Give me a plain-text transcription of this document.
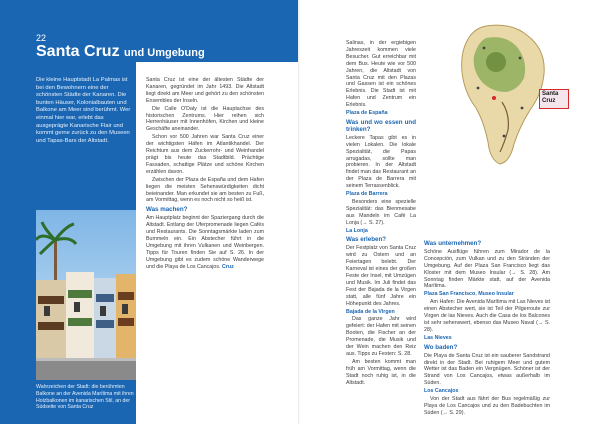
22
Santa Cruz und Umgebung
Die kleine Hauptstadt La Palmas ist bei den Bewohnern eine der schönsten Städte der Kanaren. Die bunten Häuser, Kolonialbauten und Balkone am Meer sind berühmt. Wer einmal hier war, erlebt das ausgeprägte Kanarische Flair und kommt gerne zurück zu den Museen und Tapas-Bars der Altstadt.
Wahrzeichen der Stadt: die berühmten Balkone an der Avenida Marítima mit ihren Holzbalkonen im kanarischen Stil, an der Südseite von Santa Cruz

Santa Cruz ist eine der ältesten Städte der Kanaren, gegründet im Jahr 1493. Die Altstadt liegt direkt am Meer und gehört zu den schönsten Ensembles der Inseln.

Die Calle O'Daly ist die Hauptachse des historischen Zentrums. Hier reihen sich Herrenhäuser mit Innenhöfen, Kirchen und kleine Geschäfte aneinander.

Schon vor 500 Jahren war Santa Cruz einer der wichtigsten Häfen im Atlantikhandel. Der Reichtum aus dem Zuckerrohr- und Weinhandel prägt bis heute das Stadtbild. Prächtige Fassaden, schattige Plätze und schöne Kirchen erzählen davon.

Zwischen der Plaza de España und dem Hafen liegen die meisten Sehenswürdigkeiten dicht beieinander. Man erkundet sie am besten zu Fuß, am Vormittag, wenn es noch nicht so heiß ist.

Was machen?

Am Hauptplatz beginnt der Spaziergang durch die Altstadt. Entlang der Uferpromenade liegen Cafés und Restaurants. Die Sonntagsmärkte laden zum Bummeln ein. Ein Abstecher führt in die Umgebung mit ihren Vulkanen und Weinbergen. Tipps für Touren finden Sie auf S. 26. In der Umgebung gibt es zudem schöne Wanderwege und die Playa de Los Cancajos. Cruz

Salinas, in der ergiebigen Jahreszeit kommen viele Besucher. Gut erreichbar mit dem Bus. Heute wie vor 500 Jahren, die Altstadt von Santa Cruz mit den Plazas und Gassen ist ein schönes Erlebnis. Die Stadt ist mit Hafen und Zentrum ein Erlebnis.

Plaza de España

Was und wo essen und trinken?

Leckere Tapas gibt es in vielen Lokalen. Die lokale Spezialität, die Papas arrugadas, sollte man probieren. In der Altstadt findet man das Restaurant an der Plaza de Barrera mit seinem Terrassenblick.

Plaza de Barrera

Besonders eine spezielle Spezialität: das Bienmesabe aus Mandeln im Café La Lonja (→ S. 27).

La Lonja

Was erleben?

Der Festplatz von Santa Cruz wird zu Ostern und an Feiertagen belebt. Der Karneval ist eines der großen Feste der Insel, mit Umzügen und Musik. Im Juli findet das Fest der Bajada de la Virgen statt, alle fünf Jahre ein Höhepunkt des Jahres.

Bajada de la Virgen

Das ganze Jahr wird gefeiert: der Hafen mit seinen Booten, die Fischer an der Promenade, die Musik und der Wein machen den Reiz aus. Tipps zu Festen: S. 28.

Am besten kommt man früh am Vormittag, wenn die Stadt noch ruhig ist, in die Altstadt.

Santa Cruz
Was unternehmen?

Schöne Ausflüge führen zum Mirador de la Concepción, zum Vulkan und zu den Stränden der Umgebung. Auf der Plaza San Francisco liegt das Kloster mit dem Museo Insular (→ S. 28). Am Sonntag finden Märkte statt, auf der Avenida Marítima.

Plaza San Francisco, Museo Insular

Am Hafen: Die Avenida Marítima mit Las Nieves ist einen Abstecher wert, sie ist Teil der Pilgerroute zur Virgen de las Nieves. Auch die Casa de los Balcones ist sehr sehenswert, ebenso das Museo Naval (→ S. 28).

Las Nieves

Wo baden?

Die Playa de Santa Cruz ist ein sauberer Sandstrand direkt in der Stadt. Bei ruhigem Meer und gutem Wetter ist das Baden ein Vergnügen. Schöner ist der Strand von Los Cancajos, etwas außerhalb im Süden.

Los Cancajos

Von der Stadt aus fährt der Bus regelmäßig zur Playa de Los Cancajos und zu den Badebuchten im Süden (→ S. 29).
